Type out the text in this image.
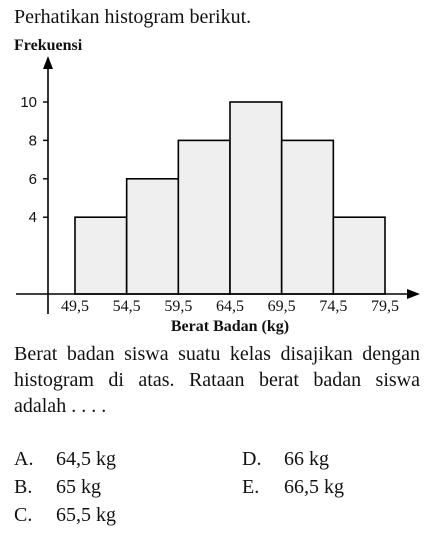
Perhatikan histogram berikut.
4
6
8
10
49,5 54,5 59,5 64,5 69,5 74,5 79,5
Frekuensi
Berat Badan (kg)
Berat badan siswa suatu kelas disajikan dengan histogram di atas. Rataan berat badan siswa adalah . . . .
A. 64,5 kg
B. 65 kg
C. 65,5 kg
D. 66 kg
E. 66,5 kg
